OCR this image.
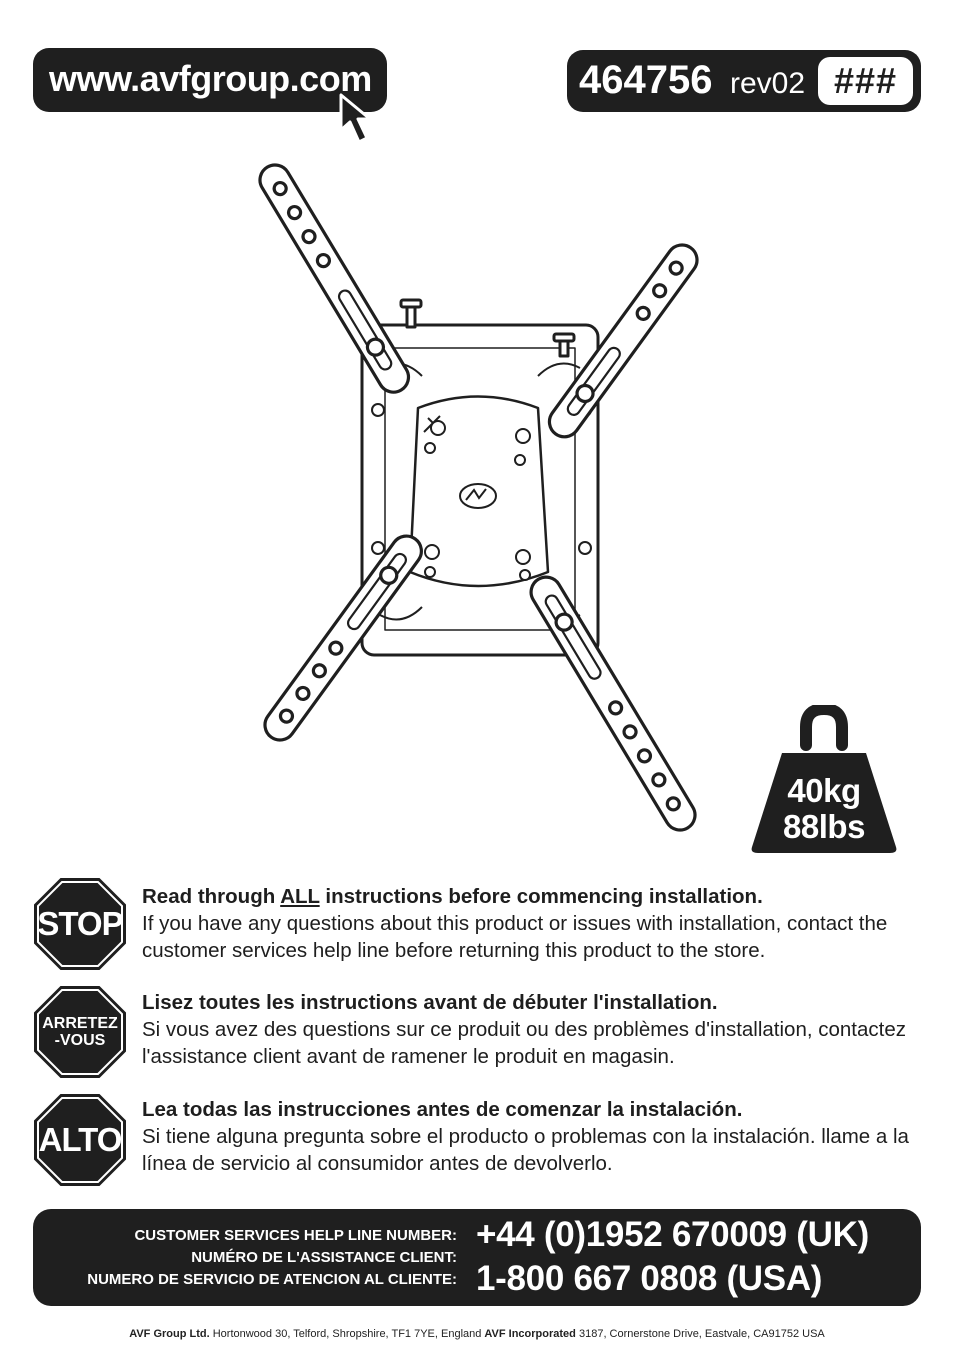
www.avfgroup.com	464756 rev02 ###
40kg
88lbs
STOP
Read through ALL instructions before commencing installation.
If you have any questions about this product or issues with installation, contact the customer services help line before returning this product to the store.
ARRETEZ
-VOUS
Lisez toutes les instructions avant de débuter l'installation.
Si vous avez des questions sur ce produit ou des problèmes d'installation, contactez l'assistance client avant de ramener le produit en magasin.
ALTO
Lea todas las instrucciones antes de comenzar la instalación.
Si tiene alguna pregunta sobre el producto o problemas con la instalación. llame a la línea de servicio al consumidor antes de devolverlo.
CUSTOMER SERVICES HELP LINE NUMBER:
NUMÉRO DE L'ASSISTANCE CLIENT:
NUMERO DE SERVICIO DE ATENCION AL CLIENTE:
+44 (0)1952 670009 (UK)
1-800 667 0808 (USA)
AVF Group Ltd. Hortonwood 30, Telford, Shropshire, TF1 7YE, England AVF Incorporated 3187, Cornerstone Drive, Eastvale, CA91752 USA
